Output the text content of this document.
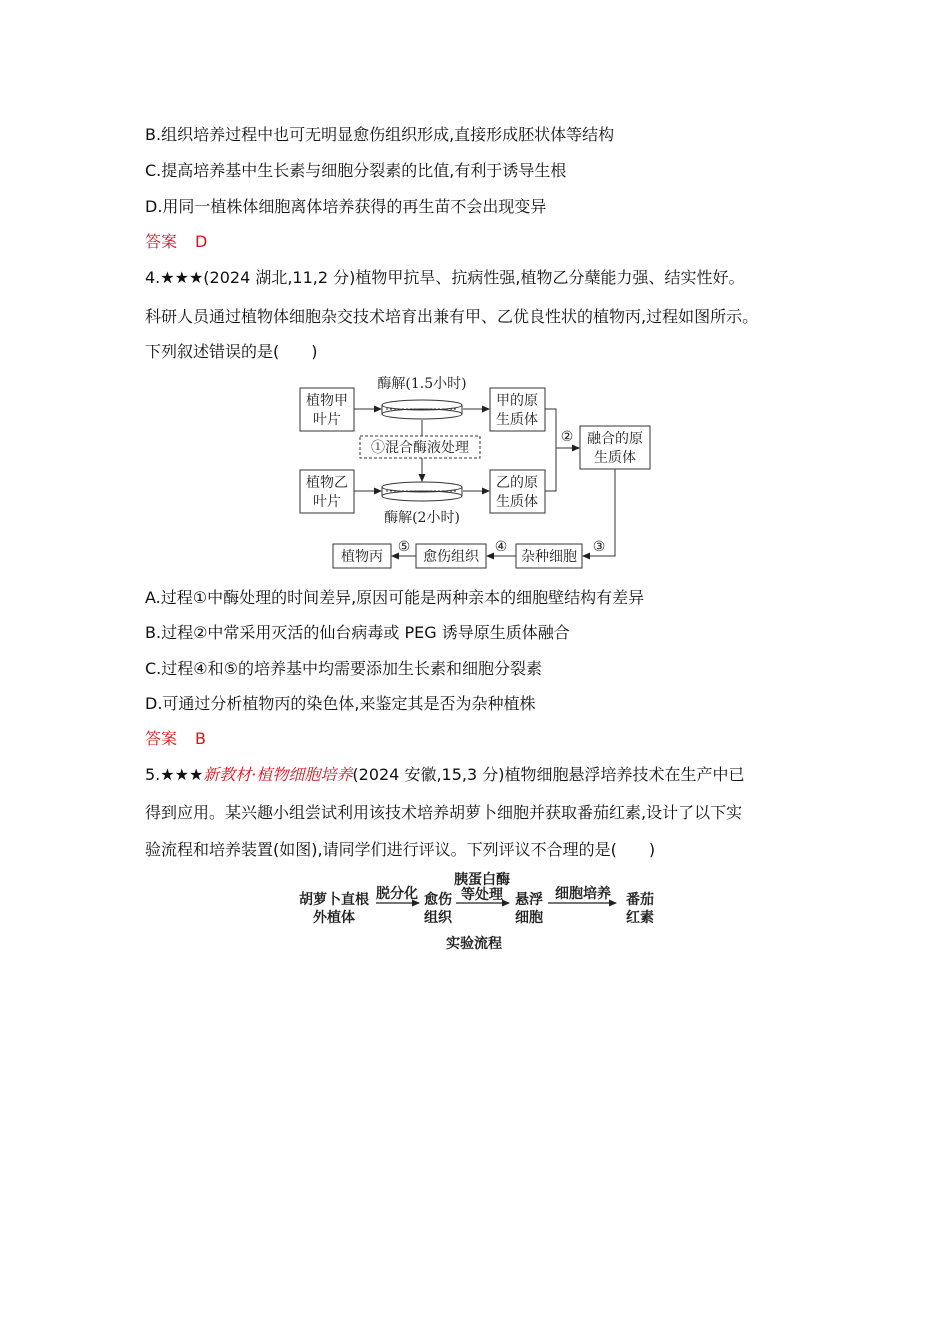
B.组织培养过程中也可无明显愈伤组织形成,直接形成胚状体等结构
C.提高培养基中生长素与细胞分裂素的比值,有利于诱导生根
D.用同一植株体细胞离体培养获得的再生苗不会出现变异
答案 D
4.★★★(2024 湖北,11,2 分)植物甲抗旱、抗病性强,植物乙分蘖能力强、结实性好。
科研人员通过植物体细胞杂交技术培育出兼有甲、乙优良性状的植物丙,过程如图所示。
下列叙述错误的是(　　)
植物甲
叶片
植物乙
叶片
酶解(1.5小时)
酶解(2小时)
①混合酶液处理
甲的原
生质体
乙的原
生质体
② 融合的原
生质体
③
杂种细胞
④
愈伤组织
⑤
植物丙
A.过程①中酶处理的时间差异,原因可能是两种亲本的细胞壁结构有差异
B.过程②中常采用灭活的仙台病毒或 PEG 诱导原生质体融合
C.过程④和⑤的培养基中均需要添加生长素和细胞分裂素
D.可通过分析植物丙的染色体,来鉴定其是否为杂种植株
答案 B
5.★★★新教材·植物细胞培养(2024 安徽,15,3 分)植物细胞悬浮培养技术在生产中已
得到应用。某兴趣小组尝试利用该技术培养胡萝卜细胞并获取番茄红素,设计了以下实
验流程和培养装置(如图),请同学们进行评议。下列评议不合理的是(　　)
胡萝卜直根
外植体
脱分化 愈伤
组织
胰蛋白酶
等处理 悬浮
细胞
细胞培养 番茄
红素
实验流程
